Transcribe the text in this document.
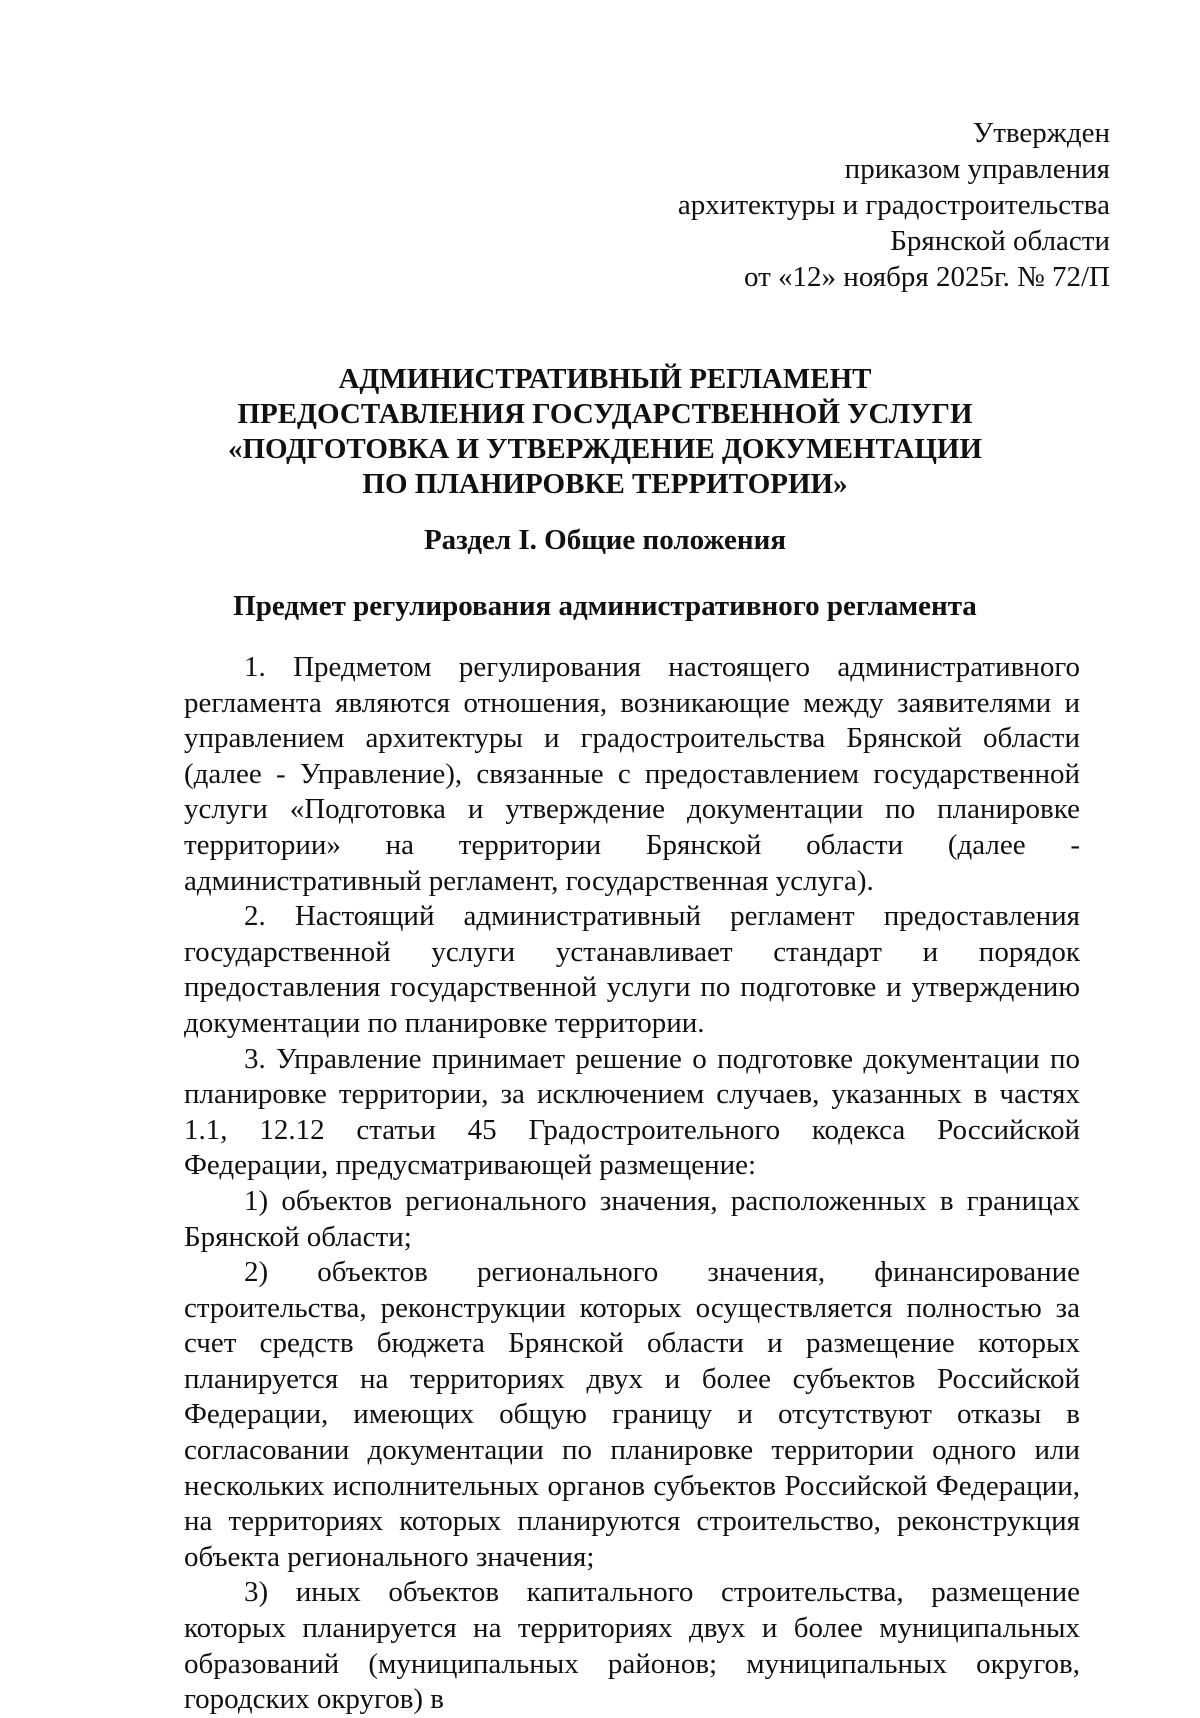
Утвержден
приказом управления
архитектуры и градостроительства
Брянской области
от «12» ноября 2025г. № 72/П
АДМИНИСТРАТИВНЫЙ РЕГЛАМЕНТ
ПРЕДОСТАВЛЕНИЯ ГОСУДАРСТВЕННОЙ УСЛУГИ
«ПОДГОТОВКА И УТВЕРЖДЕНИЕ ДОКУМЕНТАЦИИ
ПО ПЛАНИРОВКЕ ТЕРРИТОРИИ»
Раздел I. Общие положения
Предмет регулирования административного регламента

1. Предметом регулирования настоящего административного регламента являются отношения, возникающие между заявителями и управлением архитектуры и градостроительства Брянской области (далее - Управление), связанные с предоставлением государственной услуги «Подготовка и утверждение документации по планировке территории» на территории Брянской области (далее - административный регламент, государственная услуга).

2. Настоящий административный регламент предоставления государственной услуги устанавливает стандарт и порядок предоставления государственной услуги по подготовке и утверждению документации по планировке территории.

3. Управление принимает решение о подготовке документации по планировке территории, за исключением случаев, указанных в частях 1.1, 12.12 статьи 45 Градостроительного кодекса Российской Федерации, предусматривающей размещение:

1) объектов регионального значения, расположенных в границах Брянской области;

2) объектов регионального значения, финансирование строительства, реконструкции которых осуществляется полностью за счет средств бюджета Брянской области и размещение которых планируется на территориях двух и более субъектов Российской Федерации, имеющих общую границу и отсутствуют отказы в согласовании документации по планировке территории одного или нескольких исполнительных органов субъектов Российской Федерации, на территориях которых планируются строительство, реконструкция объекта регионального значения;

3) иных объектов капитального строительства, размещение которых планируется на территориях двух и более муниципальных образований (муниципальных районов; муниципальных округов, городских округов) в
